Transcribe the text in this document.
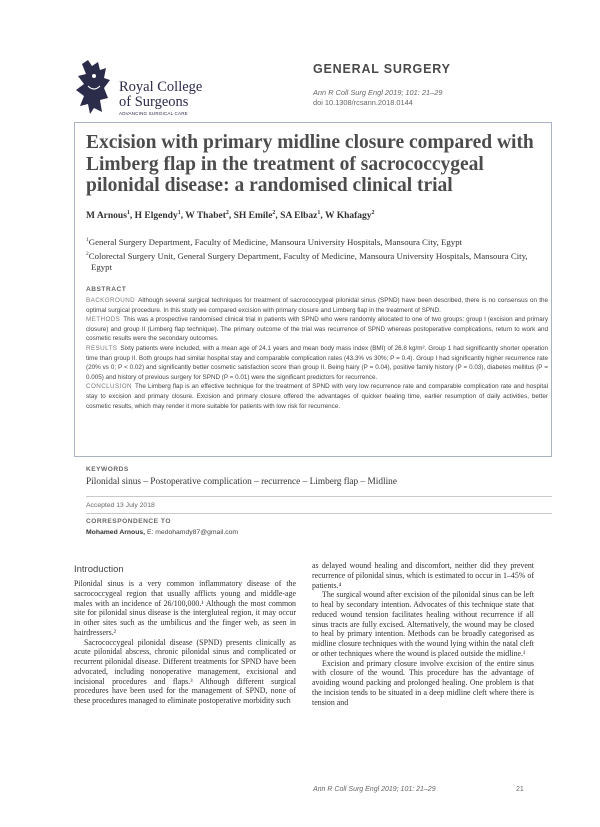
Royal College
of Surgeons
ADVANCING SURGICAL CARE
GENERAL SURGERY
Ann R Coll Surg Engl 2019; 101: 21–29
doi 10.1308/rcsann.2018.0144
Excision with primary midline closure compared with Limberg flap in the treatment of sacrococcygeal pilonidal disease: a randomised clinical trial
M Arnous$^1$, H Elgendy$^1$, W Thabet$^2$, SH Emile$^2$, SA Elbaz$^1$, W Khafagy$^2$

$^1$General Surgery Department, Faculty of Medicine, Mansoura University Hospitals, Mansoura City, Egypt

$^2$Colorectal Surgery Unit, General Surgery Department, Faculty of Medicine, Mansoura University Hospitals, Mansoura City, Egypt

ABSTRACT

BACKGROUND Although several surgical techniques for treatment of sacrococcygeal pilonidal sinus (SPND) have been described, there is no consensus on the optimal surgical procedure. In this study we compared excision with primary closure and Limberg flap in the treatment of SPND.

METHODS This was a prospective randomised clinical trial in patients with SPND who were randomly allocated to one of two groups: group I (excision and primary closure) and group II (Limberg flap technique). The primary outcome of the trial was recurrence of SPND whereas postoperative complications, return to work and cosmetic results were the secondary outcomes.

RESULTS Sixty patients were included, with a mean age of 24.1 years and mean body mass index (BMI) of 26.8 kg/m². Group 1 had significantly shorter operation time than group II. Both groups had similar hospital stay and comparable complication rates (43.3% vs 30%; P = 0.4). Group I had significantly higher recurrence rate (20% vs 0; P < 0.02) and significantly better cosmetic satisfaction score than group II. Being hairy (P = 0.04), positive family history (P = 0.03), diabetes mellitus (P = 0.005) and history of previous surgery for SPND (P = 0.01) were the significant predictors for recurrence.

CONCLUSION The Limberg flap is an effective technique for the treatment of SPND with very low recurrence rate and comparable complication rate and hospital stay to excision and primary closure. Excision and primary closure offered the advantages of quicker healing time, earlier resumption of daily activities, better cosmetic results, which may render it more suitable for patients with low risk for recurrence.

KEYWORDS
Pilonidal sinus – Postoperative complication – recurrence – Limberg flap – Midline
Accepted 13 July 2018
CORRESPONDENCE TO
Mohamed Arnous, E: medohamdy87@gmail.com
Introduction

Pilonidal sinus is a very common inflammatory disease of the sacrococcygeal region that usually afflicts young and middle-age males with an incidence of 26/100,000.¹ Although the most common site for pilonidal sinus disease is the intergluteal region, it may occur in other sites such as the umbilicus and the finger web, as seen in hairdressers.²

Sacrococcygeal pilonidal disease (SPND) presents clinically as acute pilonidal abscess, chronic pilonidal sinus and complicated or recurrent pilonidal disease. Different treatments for SPND have been advocated, including nonoperative management, excisional and incisional procedures and flaps.³ Although different surgical procedures have been used for the management of SPND, none of these procedures managed to eliminate postoperative morbidity such

as delayed wound healing and discomfort, neither did they prevent recurrence of pilonidal sinus, which is estimated to occur in 1–45% of patients.⁴

The surgical wound after excision of the pilonidal sinus can be left to heal by secondary intention. Advocates of this technique state that reduced wound tension facilitates healing without recurrence if all sinus tracts are fully excised. Alternatively, the wound may be closed to heal by primary intention. Methods can be broadly categorised as midline closure techniques with the wound lying within the natal cleft or other techniques where the wound is placed outside the midline.¹

Excision and primary closure involve excision of the entire sinus with closure of the wound. This procedure has the advantage of avoiding wound packing and prolonged healing. One problem is that the incision tends to be situated in a deep midline cleft where there is tension and

Ann R Coll Surg Engl 2019; 101: 21–29	21
